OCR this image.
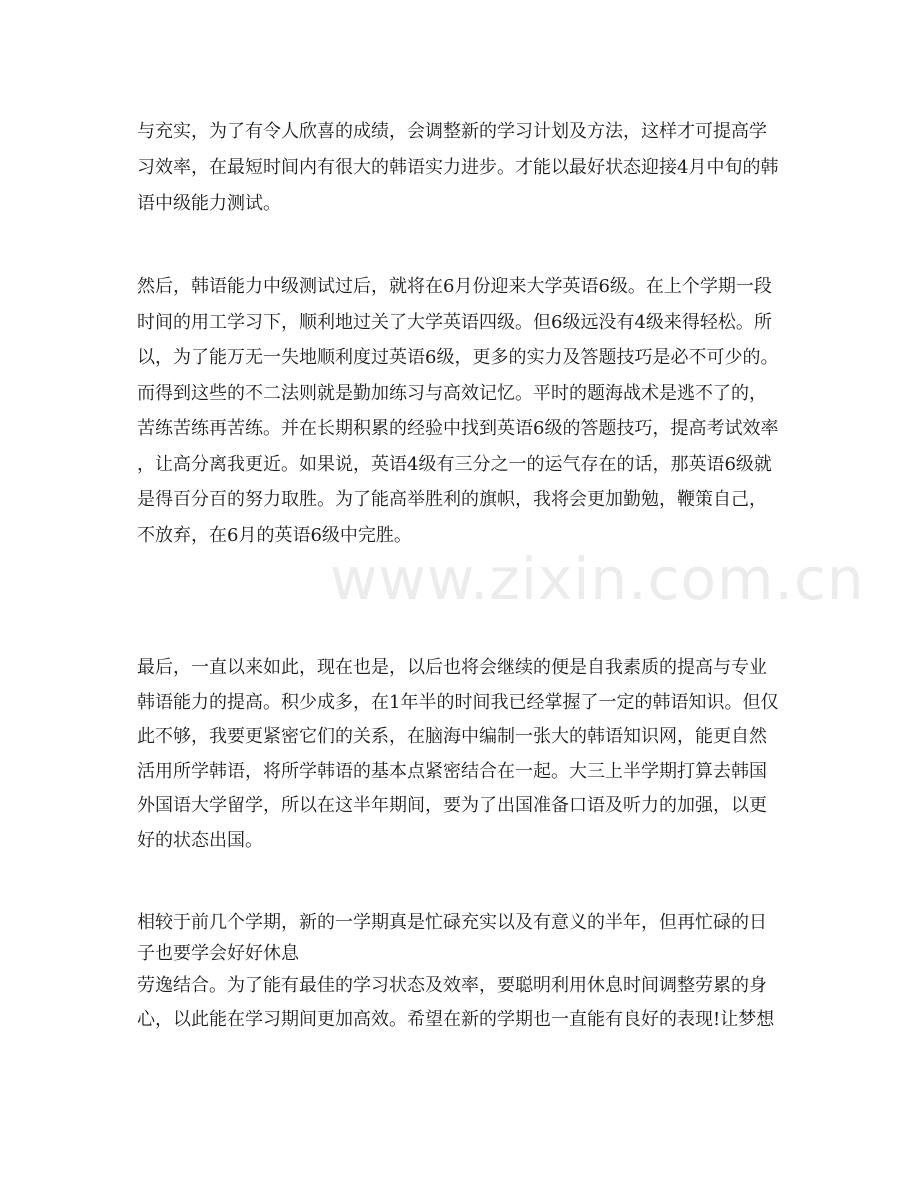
与充实，为了有令人欣喜的成绩，会调整新的学习计划及方法，这样才可提高学
习效率，在最短时间内有很大的韩语实力进步。才能以最好状态迎接4月中旬的韩
语中级能力测试。
然后，韩语能力中级测试过后，就将在6月份迎来大学英语6级。在上个学期一段
时间的用工学习下，顺利地过关了大学英语四级。但6级远没有4级来得轻松。所
以，为了能万无一失地顺利度过英语6级，更多的实力及答题技巧是必不可少的。
而得到这些的不二法则就是勤加练习与高效记忆。平时的题海战术是逃不了的，
苦练苦练再苦练。并在长期积累的经验中找到英语6级的答题技巧，提高考试效率
，让高分离我更近。如果说，英语4级有三分之一的运气存在的话，那英语6级就
是得百分百的努力取胜。为了能高举胜利的旗帜，我将会更加勤勉，鞭策自己，
不放弃，在6月的英语6级中完胜。
最后，一直以来如此，现在也是，以后也将会继续的便是自我素质的提高与专业
韩语能力的提高。积少成多，在1年半的时间我已经掌握了一定的韩语知识。但仅
此不够，我要更紧密它们的关系，在脑海中编制一张大的韩语知识网，能更自然
活用所学韩语，将所学韩语的基本点紧密结合在一起。大三上半学期打算去韩国
外国语大学留学，所以在这半年期间，要为了出国准备口语及听力的加强，以更
好的状态出国。
相较于前几个学期，新的一学期真是忙碌充实以及有意义的半年，但再忙碌的日
子也要学会好好休息
劳逸结合。为了能有最佳的学习状态及效率，要聪明利用休息时间调整劳累的身
心，以此能在学习期间更加高效。希望在新的学期也一直能有良好的表现!让梦想
www.zixin.com.cn
